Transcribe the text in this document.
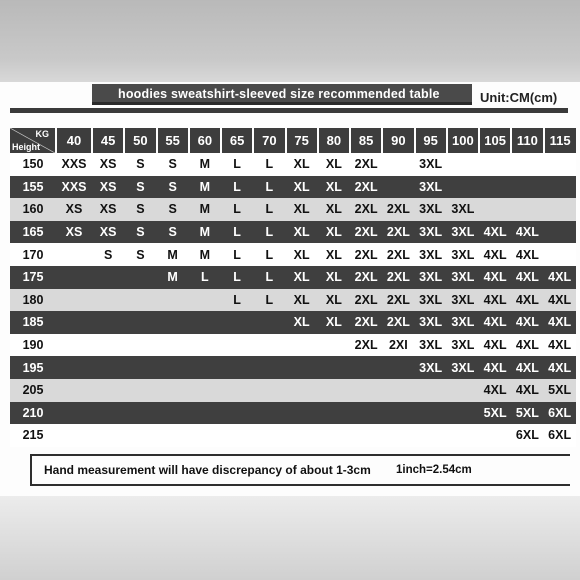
hoodies sweatshirt-sleeved size recommended table	Unit:CM(cm)
KG
Height	40	45	50	55	60	65	70	75	80	85	90	95	100	105	110	115
150	XXS	XS	S	S	M	L	L	XL	XL	2XL		3XL				
155	XXS	XS	S	S	M	L	L	XL	XL	2XL		3XL				
160	XS	XS	S	S	M	L	L	XL	XL	2XL	2XL	3XL	3XL			
165	XS	XS	S	S	M	L	L	XL	XL	2XL	2XL	3XL	3XL	4XL	4XL	
170		S	S	M	M	L	L	XL	XL	2XL	2XL	3XL	3XL	4XL	4XL	
175				M	L	L	L	XL	XL	2XL	2XL	3XL	3XL	4XL	4XL	4XL
180						L	L	XL	XL	2XL	2XL	3XL	3XL	4XL	4XL	4XL
185								XL	XL	2XL	2XL	3XL	3XL	4XL	4XL	4XL
190										2XL	2XI	3XL	3XL	4XL	4XL	4XL
195												3XL	3XL	4XL	4XL	4XL
205														4XL	4XL	5XL
210														5XL	5XL	6XL
215															6XL	6XL
Hand measurement will have discrepancy of about 1-3cm 1inch=2.54cm
